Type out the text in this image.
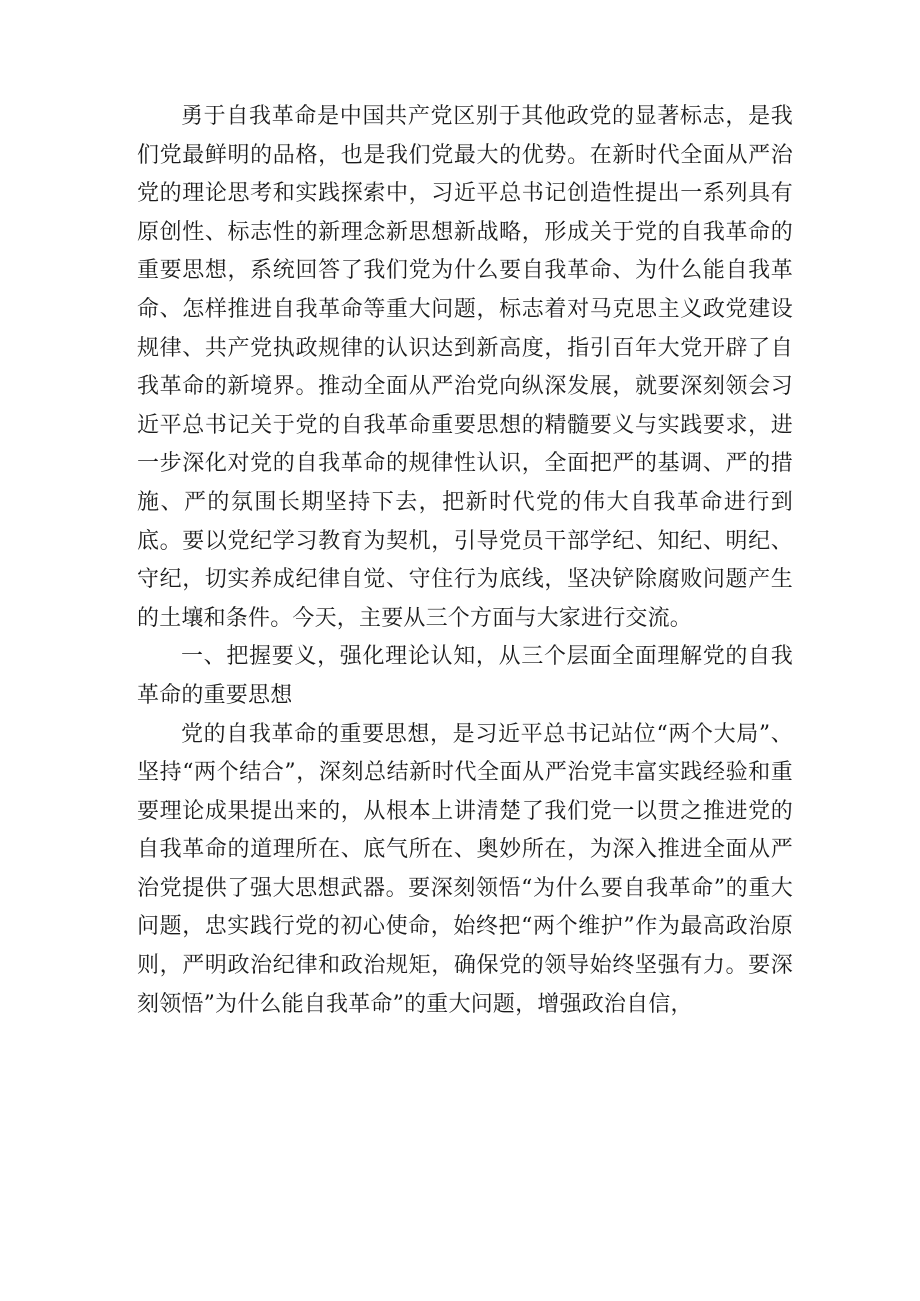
勇于自我革命是中国共产党区别于其他政党的显著标志，是我们党最鲜明的品格，也是我们党最大的优势。在新时代全面从严治党的理论思考和实践探索中，习近平总书记创造性提出一系列具有原创性、标志性的新理念新思想新战略，形成关于党的自我革命的重要思想，系统回答了我们党为什么要自我革命、为什么能自我革命、怎样推进自我革命等重大问题，标志着对马克思主义政党建设规律、共产党执政规律的认识达到新高度，指引百年大党开辟了自我革命的新境界。推动全面从严治党向纵深发展，就要深刻领会习近平总书记关于党的自我革命重要思想的精髓要义与实践要求，进一步深化对党的自我革命的规律性认识，全面把严的基调、严的措施、严的氛围长期坚持下去，把新时代党的伟大自我革命进行到底。要以党纪学习教育为契机，引导党员干部学纪、知纪、明纪、守纪，切实养成纪律自觉、守住行为底线，坚决铲除腐败问题产生的土壤和条件。今天，主要从三个方面与大家进行交流。

一、把握要义，强化理论认知，从三个层面全面理解党的自我革命的重要思想

党的自我革命的重要思想，是习近平总书记站位“两个大局”、坚持“两个结合”，深刻总结新时代全面从严治党丰富实践经验和重要理论成果提出来的，从根本上讲清楚了我们党一以贯之推进党的自我革命的道理所在、底气所在、奥妙所在，为深入推进全面从严治党提供了强大思想武器。要深刻领悟“为什么要自我革命”的重大问题，忠实践行党的初心使命，始终把“两个维护”作为最高政治原则，严明政治纪律和政治规矩，确保党的领导始终坚强有力。要深刻领悟”为什么能自我革命”的重大问题，增强政治自信，
